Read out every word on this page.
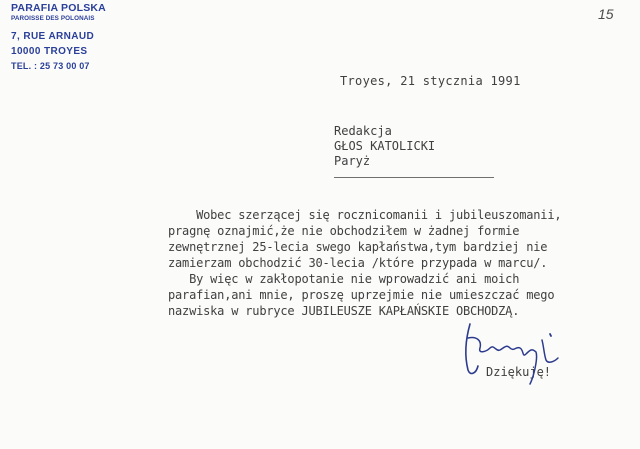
PARAFIA POLSKA
PAROISSE DES POLONAIS
7, RUE ARNAUD
10000 TROYES
TEL. : 25 73 00 07
15
Troyes, 21 stycznia 1991
Redakcja
GŁOS KATOLICKI
Paryż
Wobec szerzącej się rocznicomanii i jubileuszomanii,
pragnę oznajmić,że nie obchodziłem w żadnej formie
zewnętrznej 25-lecia swego kapłaństwa,tym bardziej nie
zamierzam obchodzić 30-lecia /które przypada w marcu/.
By więc w zakłopotanie nie wprowadzić ani moich
parafian,ani mnie, proszę uprzejmie nie umieszczać mego
nazwiska w rubryce JUBILEUSZE KAPŁAŃSKIE OBCHODZĄ.
Dziękuję!
